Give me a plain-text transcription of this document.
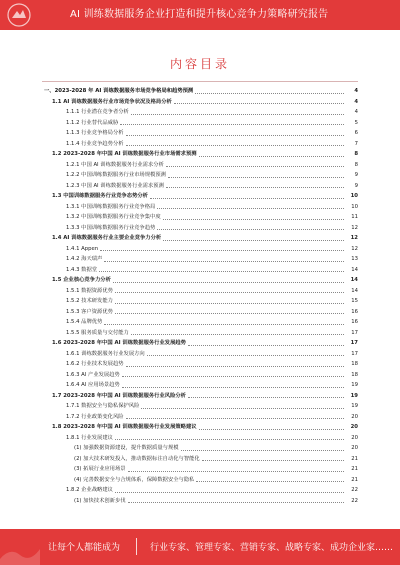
AI 训练数据服务企业打造和提升核心竞争力策略研究报告
内容目录
一、2023-2028 年 AI 训练数据服务市场竞争格局和趋势预测	4
1.1 AI 训练数据服务行业市场竞争状况及格局分析	4
1.1.1 行业潜在竞争者分析	4
1.1.2 行业替代品威胁	5
1.1.3 行业竞争格局分析	6
1.1.4 行业竞争趋势分析	7
1.2 2023-2028 年中国 AI 训练数据服务行业市场需求预测	8
1.2.1 中国 AI 训练数据服务行业需求分析	8
1.2.2 中国训练数据服务行业市场规模预测	9
1.2.3 中国 AI 训练数据服务行业需求预测	9
1.3 中国训练数据服务行业竞争态势分析	10
1.3.1 中国训练数据服务行业竞争格局	10
1.3.2 中国训练数据服务行业竞争集中度	11
1.3.3 中国训练数据服务行业竞争趋势	12
1.4 AI 训练数据服务行业主要企业竞争力分析	12
1.4.1 Appen	12
1.4.2 海天瑞声	13
1.4.3 数据堂	14
1.5 企业核心竞争力分析	14
1.5.1 数据资源优势	14
1.5.2 技术研发能力	15
1.5.3 客户资源优势	16
1.5.4 品牌优势	16
1.5.5 服务质量与交付能力	17
1.6 2023-2028 年中国 AI 训练数据服务行业发展趋势	17
1.6.1 训练数据服务行业发展方向	17
1.6.2 行业技术发展趋势	18
1.6.3 AI 产业发展趋势	18
1.6.4 AI 应用场景趋势	19
1.7 2023-2028 年中国 AI 训练数据服务行业风险分析	19
1.7.1 数据安全与隐私保护风险	19
1.7.2 行业政策变化风险	20
1.8 2023-2028 年中国 AI 训练数据服务行业发展策略建议	20
1.8.1 行业发展建议	20
(1) 加强数据资源建设，提升数据质量与规模	20
(2) 加大技术研发投入，推动数据标注自动化与智能化	21
(3) 拓展行业应用场景	21
(4) 完善数据安全与合规体系，保障数据安全与隐私	21
1.8.2 企业战略建议	22
(1) 加快技术创新步伐	22
让每个人都能成为	行业专家、管理专家、营销专家、战略专家、成功企业家……
